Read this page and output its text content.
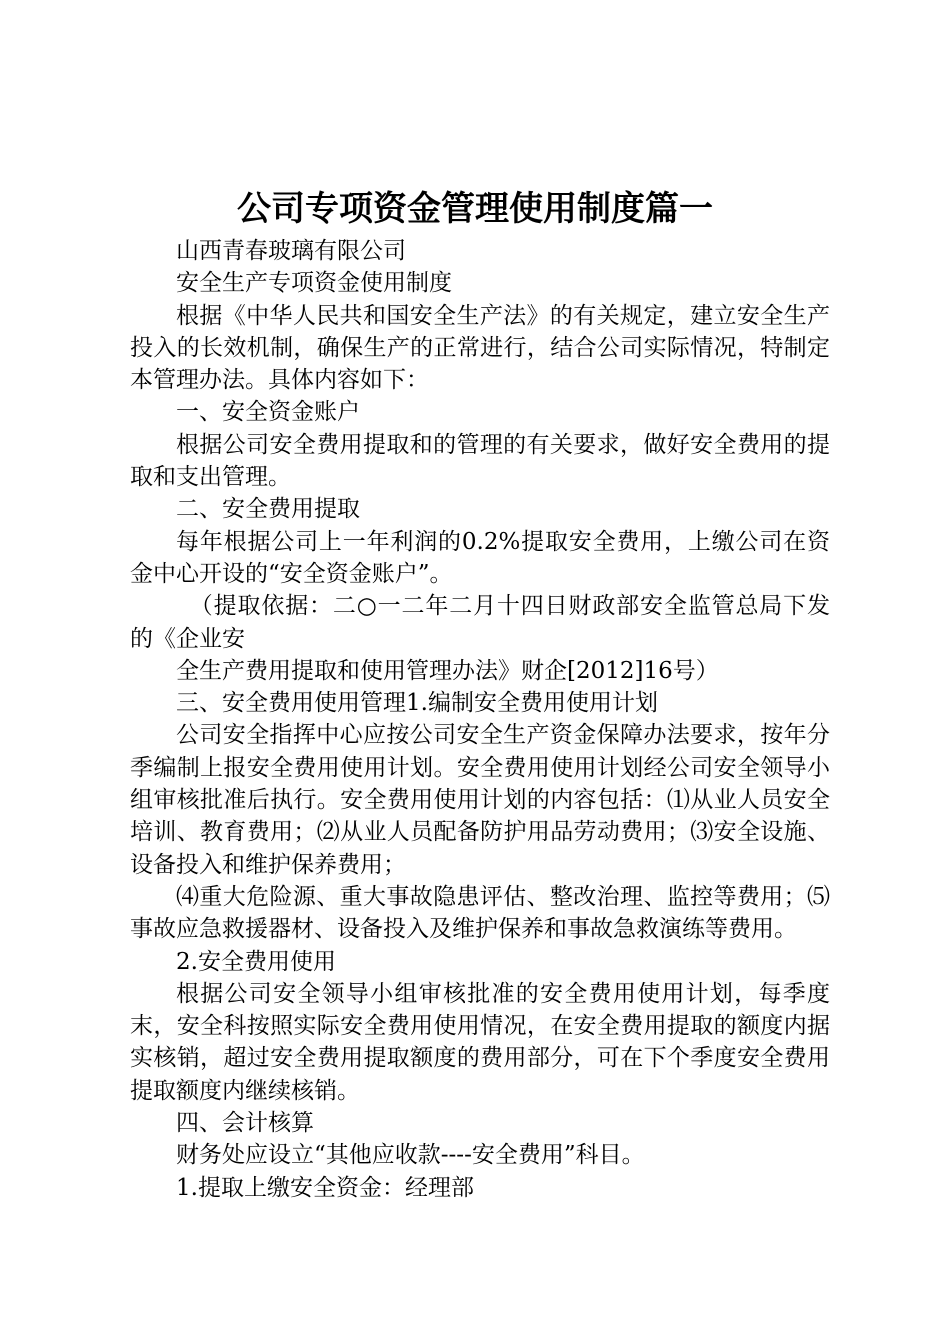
公司专项资金管理使用制度篇一

山西青春玻璃有限公司

安全生产专项资金使用制度

根据《中华人民共和国安全生产法》的有关规定，建立安全生产投入的长效机制，确保生产的正常进行，结合公司实际情况，特制定本管理办法。具体内容如下：

一、安全资金账户

根据公司安全费用提取和的管理的有关要求，做好安全费用的提取和支出管理。

二、安全费用提取

每年根据公司上一年利润的0.2%提取安全费用，上缴公司在资金中心开设的“安全资金账户”。

（提取依据：二○一二年二月十四日财政部安全监管总局下发的《企业安

全生产费用提取和使用管理办法》财企[2012]16号）

三、安全费用使用管理1.编制安全费用使用计划

公司安全指挥中心应按公司安全生产资金保障办法要求，按年分季编制上报安全费用使用计划。安全费用使用计划经公司安全领导小组审核批准后执行。安全费用使用计划的内容包括：⑴从业人员安全培训、教育费用；⑵从业人员配备防护用品劳动费用；⑶安全设施、设备投入和维护保养费用；

⑷重大危险源、重大事故隐患评估、整改治理、监控等费用；⑸事故应急救援器材、设备投入及维护保养和事故急救演练等费用。

2.安全费用使用

根据公司安全领导小组审核批准的安全费用使用计划，每季度末，安全科按照实际安全费用使用情况，在安全费用提取的额度内据实核销，超过安全费用提取额度的费用部分，可在下个季度安全费用提取额度内继续核销。

四、会计核算

财务处应设立“其他应收款----安全费用”科目。

1.提取上缴安全资金：经理部
